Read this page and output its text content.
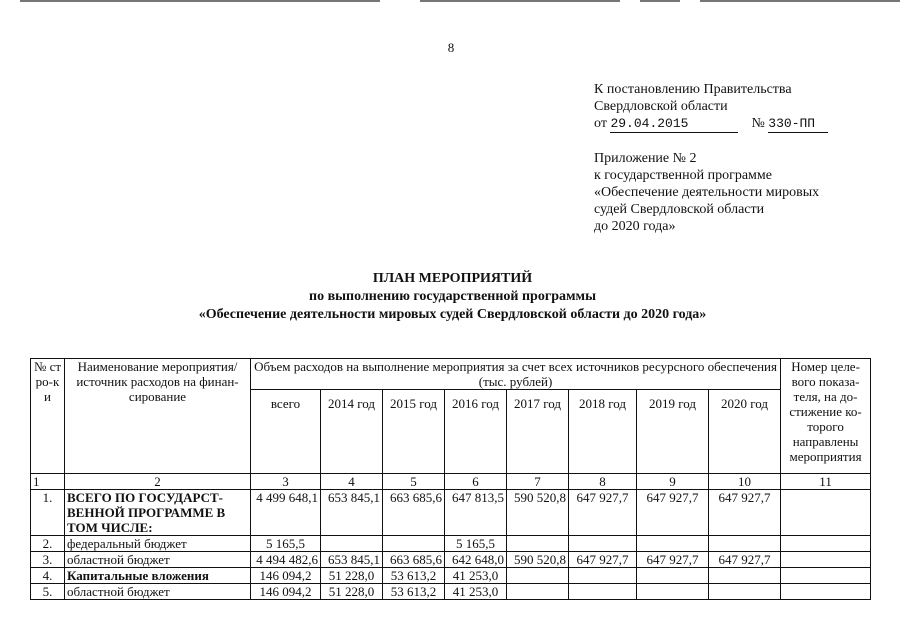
8
К постановлению Правительства
Свердловской области
от 29.04.2015	№ 330-ПП
Приложение № 2
к государственной программе
«Обеспечение деятельности мировых
судей Свердловской области
до 2020 года»
ПЛАН МЕРОПРИЯТИЙ
по выполнению государственной программы
«Обеспечение деятельности мировых судей Свердловской области до 2020 года»
№ стро-ки	Наименование мероприятия/ источник расходов на финан-сирование	Объем расходов на выполнение мероприятия за счет всех источников ресурсного обеспечения (тыс. рублей)								Номер целе-вого показа-теля, на до-стижение ко-торого направлены мероприятия
		всего	2014 год	2015 год	2016 год	2017 год	2018 год	2019 год	2020 год	
1	2	3	4	5	6	7	8	9	10	11
1.	ВСЕГО ПО ГОСУДАРСТ-ВЕННОЙ ПРОГРАММЕ В ТОМ ЧИСЛЕ:	4 499 648,1	653 845,1	663 685,6	647 813,5	590 520,8	647 927,7	647 927,7	647 927,7	
2.	федеральный бюджет	5 165,5			5 165,5					
3.	областной бюджет	4 494 482,6	653 845,1	663 685,6	642 648,0	590 520,8	647 927,7	647 927,7	647 927,7	
4.	Капитальные вложения	146 094,2	51 228,0	53 613,2	41 253,0					
5.	областной бюджет	146 094,2	51 228,0	53 613,2	41 253,0					
